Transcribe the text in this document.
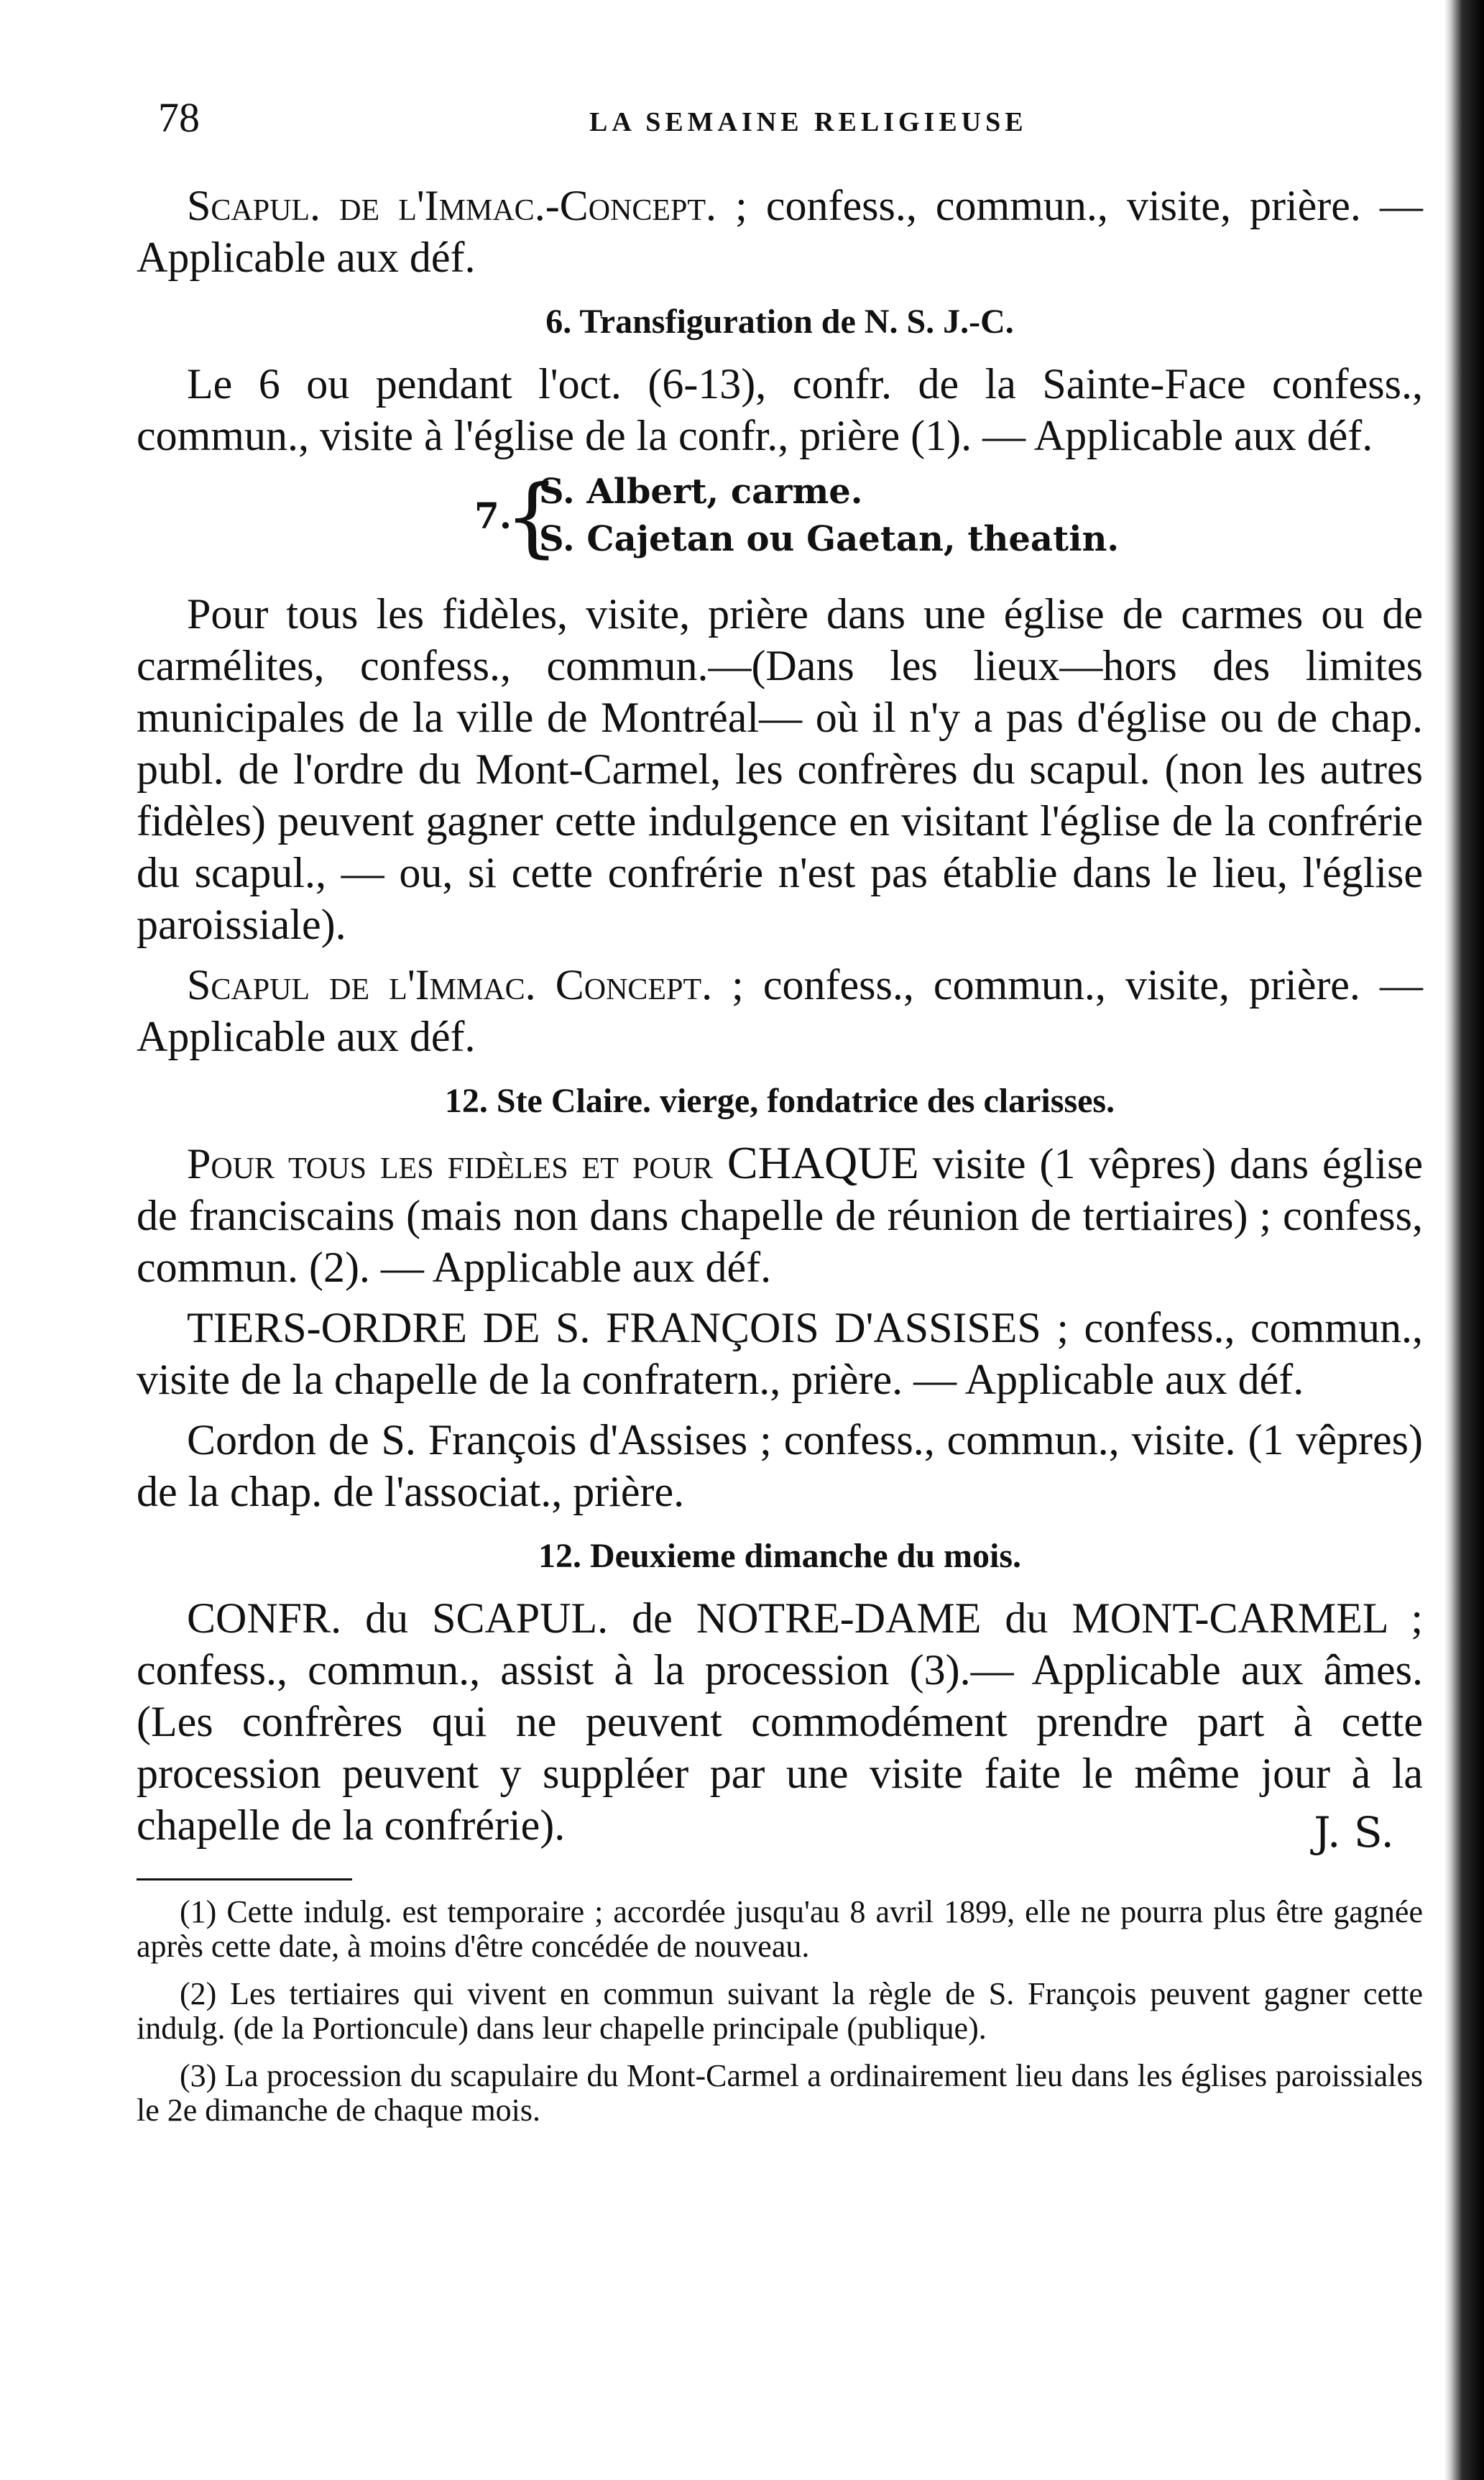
78	LA SEMAINE RELIGIEUSE

Scapul. de l'Immac.-Concept. ; confess., commun., visite, prière. — Applicable aux déf.

6. Transfiguration de N. S. J.-C.

Le 6 ou pendant l'oct. (6-13), confr. de la Sainte-Face confess., commun., visite à l'église de la confr., prière (1). — Applicable aux déf.

7.
{
S. Albert, carme.
S. Cajetan ou Gaetan, theatin.

Pour tous les fidèles, visite, prière dans une église de carmes ou de carmélites, confess., commun.—(Dans les lieux—hors des limites municipales de la ville de Montréal— où il n'y a pas d'église ou de chap. publ. de l'ordre du Mont-Carmel, les confrères du scapul. (non les autres fidèles) peuvent gagner cette indulgence en visitant l'église de la confrérie du scapul., — ou, si cette confrérie n'est pas établie dans le lieu, l'église paroissiale).

Scapul de l'Immac. Concept. ; confess., commun., visite, prière. — Applicable aux déf.

12. Ste Claire. vierge, fondatrice des clarisses.

Pour tous les fidèles et pour CHAQUE visite (1 vêpres) dans église de franciscains (mais non dans chapelle de réunion de tertiaires) ; confess, commun. (2). — Applicable aux déf.

TIERS-ORDRE DE S. FRANÇOIS D'ASSISES ; confess., commun., visite de la chapelle de la confratern., prière. — Applicable aux déf.

Cordon de S. François d'Assises ; confess., commun., visite. (1 vêpres) de la chap. de l'associat., prière.

12. Deuxieme dimanche du mois.

CONFR. du SCAPUL. de NOTRE-DAME du MONT-CARMEL ; confess., commun., assist à la procession (3).— Applicable aux âmes. (Les confrères qui ne peuvent commodément prendre part à cette procession peuvent y suppléer par une visite faite le même jour à la chapelle de la confrérie).	J. S.

(1) Cette indulg. est temporaire ; accordée jusqu'au 8 avril 1899, elle ne pourra plus être gagnée après cette date, à moins d'être concédée de nouveau.

(2) Les tertiaires qui vivent en commun suivant la règle de S. François peuvent gagner cette indulg. (de la Portioncule) dans leur chapelle principale (publique).

(3) La procession du scapulaire du Mont-Carmel a ordinairement lieu dans les églises paroissiales le 2e dimanche de chaque mois.
